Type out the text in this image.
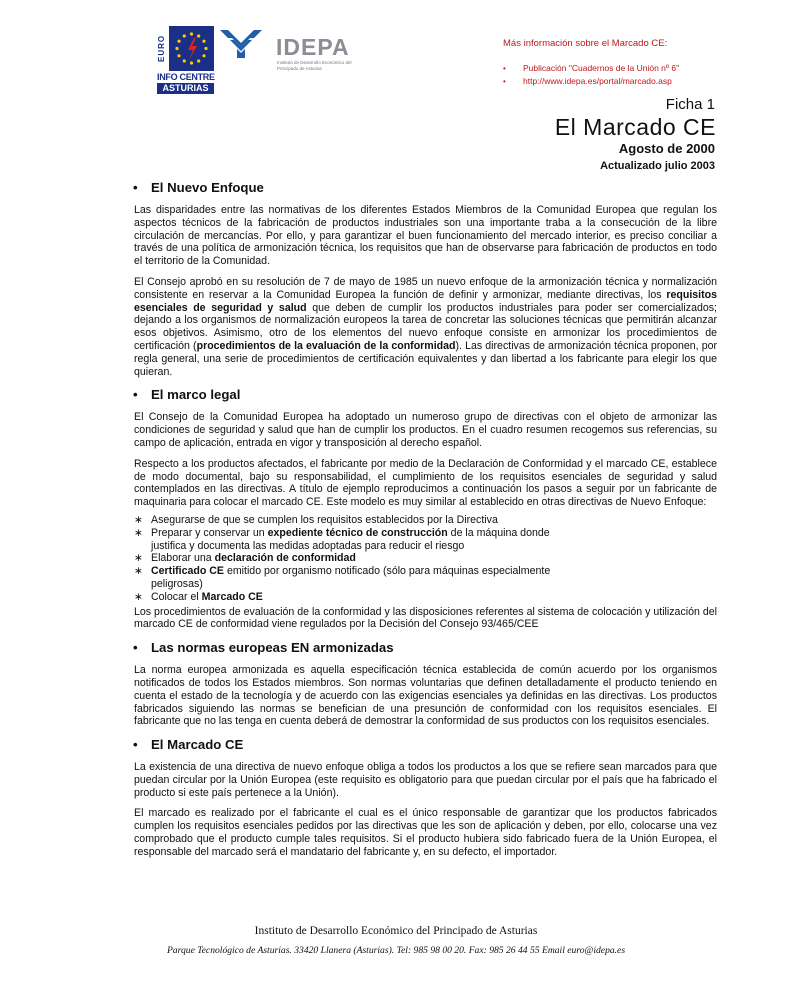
EURO
INFO CENTRE
ASTURIAS
IDEPA
Instituto de Desarrollo Económico del Principado de Asturias
Más información sobre el Marcado CE:
• Publicación "Cuadernos de la Unión nº 6"
• http://www.idepa.es/portal/marcado.asp
Ficha 1
El Marcado CE
Agosto de 2000
Actualizado julio 2003
• El Nuevo Enfoque

Las disparidades entre las normativas de los diferentes Estados Miembros de la Comunidad Europea que regulan los aspectos técnicos de la fabricación de productos industriales son una importante traba a la consecución de la libre circulación de mercancías. Por ello, y para garantizar el buen funcionamiento del mercado interior, es preciso conciliar a través de una política de armonización técnica, los requisitos que han de observarse para fabricación de productos en todo el territorio de la Comunidad.

El Consejo aprobó en su resolución de 7 de mayo de 1985 un nuevo enfoque de la armonización técnica y normalización consistente en reservar a la Comunidad Europea la función de definir y armonizar, mediante directivas, los requisitos esenciales de seguridad y salud que deben de cumplir los productos industriales para poder ser comercializados; dejando a los organismos de normalización europeos la tarea de concretar las soluciones técnicas que permitirán alcanzar esos objetivos. Asimismo, otro de los elementos del nuevo enfoque consiste en armonizar los procedimientos de certificación (procedimientos de la evaluación de la conformidad). Las directivas de armonización técnica proponen, por regla general, una serie de procedimientos de certificación equivalentes y dan libertad a los fabricante para elegir los que quieran.

• El marco legal

El Consejo de la Comunidad Europea ha adoptado un numeroso grupo de directivas con el objeto de armonizar las condiciones de seguridad y salud que han de cumplir los productos. En el cuadro resumen recogemos sus referencias, su campo de aplicación, entrada en vigor y transposición al derecho español.

Respecto a los productos afectados, el fabricante por medio de la Declaración de Conformidad y el marcado CE, establece de modo documental, bajo su responsabilidad, el cumplimiento de los requisitos esenciales de seguridad y salud contemplados en las directivas. A título de ejemplo reproducimos a continuación los pasos a seguir por un fabricante de maquinaria para colocar el marcado CE. Este modelo es muy similar al establecido en otras directivas de Nuevo Enfoque:

∗ Asegurarse de que se cumplen los requisitos establecidos por la Directiva
∗ Preparar y conservar un expediente técnico de construcción de la máquina donde justifica y documenta las medidas adoptadas para reducir el riesgo
∗ Elaborar una declaración de conformidad
∗ Certificado CE emitido por organismo notificado (sólo para máquinas especialmente peligrosas)
∗ Colocar el Marcado CE

Los procedimientos de evaluación de la conformidad y las disposiciones referentes al sistema de colocación y utilización del marcado CE de conformidad viene regulados por la Decisión del Consejo 93/465/CEE

• Las normas europeas EN armonizadas

La norma europea armonizada es aquella especificación técnica establecida de común acuerdo por los organismos notificados de todos los Estados miembros. Son normas voluntarias que definen detalladamente el producto teniendo en cuenta el estado de la tecnología y de acuerdo con las exigencias esenciales ya definidas en las directivas. Los productos fabricados siguiendo las normas se benefician de una presunción de conformidad con los requisitos esenciales. El fabricante que no las tenga en cuenta deberá de demostrar la conformidad de sus productos con los requisitos esenciales.

• El Marcado CE

La existencia de una directiva de nuevo enfoque obliga a todos los productos a los que se refiere sean marcados para que puedan circular por la Unión Europea (este requisito es obligatorio para que puedan circular por el país que ha fabricado el producto si este país pertenece a la Unión).

El marcado es realizado por el fabricante el cual es el único responsable de garantizar que los productos fabricados cumplen los requisitos esenciales pedidos por las directivas que les son de aplicación y deben, por ello, colocarse una vez comprobado que el producto cumple tales requisitos. Si el producto hubiera sido fabricado fuera de la Unión Europea, el responsable del marcado será el mandatario del fabricante y, en su defecto, el importador.

Instituto de Desarrollo Económico del Principado de Asturias
Parque Tecnológico de Asturias. 33420 Llanera (Asturias). Tel: 985 98 00 20. Fax: 985 26 44 55 Email euro@idepa.es
